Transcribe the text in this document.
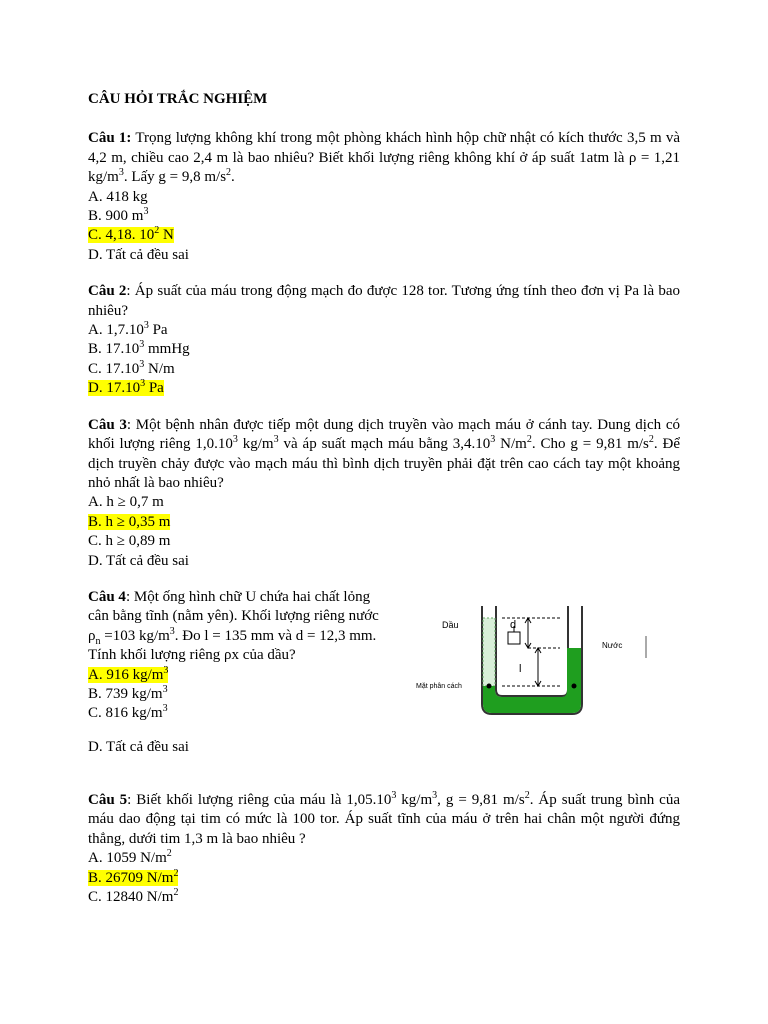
CÂU HỎI TRẮC NGHIỆM

Câu 1: Trọng lượng không khí trong một phòng khách hình hộp chữ nhật có kích thước 3,5 m và 4,2 m, chiều cao 2,4 m là bao nhiêu? Biết khối lượng riêng không khí ở áp suất 1atm là ρ = 1,21 $kg/m^3$. Lấy g = 9,8 $m/s^2$.

A. 418 kg

B. 900 $m^3$

C. 4,18. $10^2$ N

D. Tất cả đều sai

Câu 2: Áp suất của máu trong động mạch đo được 128 tor. Tương ứng tính theo đơn vị Pa là bao nhiêu?

A. 1,7.10$^3$ Pa

B. 17.10$^3$ mmHg

C. 17.10$^3$ N/m

D. 17.10$^3$ Pa

Câu 3: Một bệnh nhân được tiếp một dung dịch truyền vào mạch máu ở cánh tay. Dung dịch có khối lượng riêng 1,0.10$^3$ $kg/m^3$ và áp suất mạch máu bằng 3,4.10$^3$ $N/m^2$. Cho g = 9,81 $m/s^2$. Để dịch truyền chảy được vào mạch máu thì bình dịch truyền phải đặt trên cao cách tay một khoảng nhỏ nhất là bao nhiêu?

A. h ≥ 0,7 m

B. h ≥ 0,35 m

C. h ≥ 0,89 m

D. Tất cả đều sai

Câu 4: Một ống hình chữ U chứa hai chất lỏng cân bằng tĩnh (nằm yên). Khối lượng riêng nước $\rho_n =103$ $kg/m^3$. Đo l = 135 mm và d = 12,3 mm. Tính khối lượng riêng ρx của dầu?

A. 916 $kg/m^3$

B. 739 $kg/m^3$

C. 816 $kg/m^3$

D. Tất cả đều sai

Dầu	d
l
Nước
Mặt phân cách

Câu 5: Biết khối lượng riêng của máu là 1,05.10$^3$ $kg/m^3$, g = 9,81 $m/s^2$. Áp suất trung bình của máu dao động tại tim có mức là 100 tor. Áp suất tĩnh của máu ở trên hai chân một người đứng thẳng, dưới tim 1,3 m là bao nhiêu ?

A. 1059 $N/m^2$

B. 26709 $N/m^2$

C. 12840 $N/m^2$
